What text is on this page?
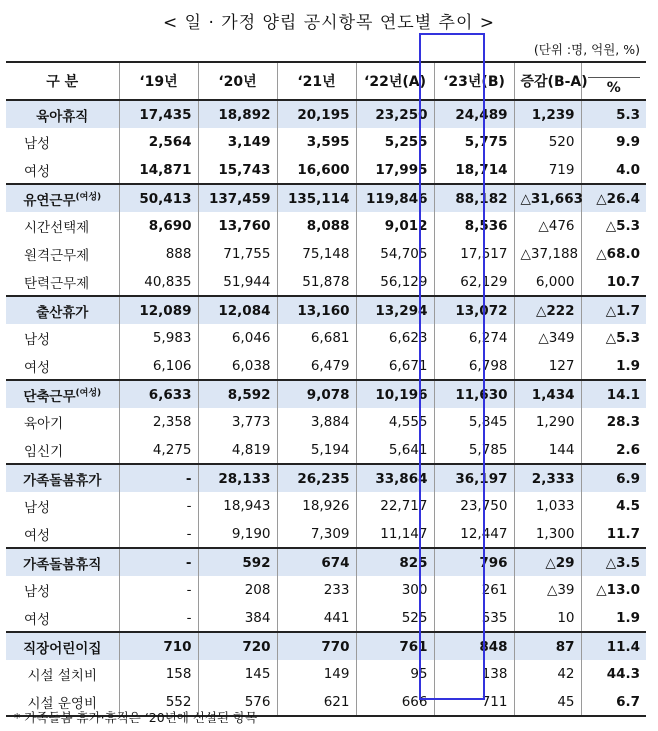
< 일 · 가정 양립 공시항목 연도별 추이 >
(단위 :명, 억원, %)
구 분	‘19년	‘20년	‘21년	‘22년(A)	‘23년(B)	증감(B-A)	%
육아휴직	17,435	18,892	20,195	23,250	24,489	1,239	5.3
남성	2,564	3,149	3,595	5,255	5,775	520	9.9
여성	14,871	15,743	16,600	17,995	18,714	719	4.0
유연근무$^{(여성)}$	50,413	137,459	135,114	119,846	88,182	△31,663	△26.4
시간선택제	8,690	13,760	8,088	9,012	8,536	△476	△5.3
원격근무제	888	71,755	75,148	54,705	17,517	△37,188	△68.0
탄력근무제	40,835	51,944	51,878	56,129	62,129	6,000	10.7
출산휴가	12,089	12,084	13,160	13,294	13,072	△222	△1.7
남성	5,983	6,046	6,681	6,623	6,274	△349	△5.3
여성	6,106	6,038	6,479	6,671	6,798	127	1.9
단축근무$^{(여성)}$	6,633	8,592	9,078	10,196	11,630	1,434	14.1
육아기	2,358	3,773	3,884	4,555	5,845	1,290	28.3
임신기	4,275	4,819	5,194	5,641	5,785	144	2.6
가족돌봄휴가	-	28,133	26,235	33,864	36,197	2,333	6.9
남성	-	18,943	18,926	22,717	23,750	1,033	4.5
여성	-	9,190	7,309	11,147	12,447	1,300	11.7
가족돌봄휴직	-	592	674	825	796	△29	△3.5
남성	-	208	233	300	261	△39	△13.0
여성	-	384	441	525	535	10	1.9
직장어린이집	710	720	770	761	848	87	11.4
시설 설치비	158	145	149	95	138	42	44.3
시설 운영비	552	576	621	666	711	45	6.7
* 가족돌봄 휴가·휴직은 ‘20년에 신설된 항목
